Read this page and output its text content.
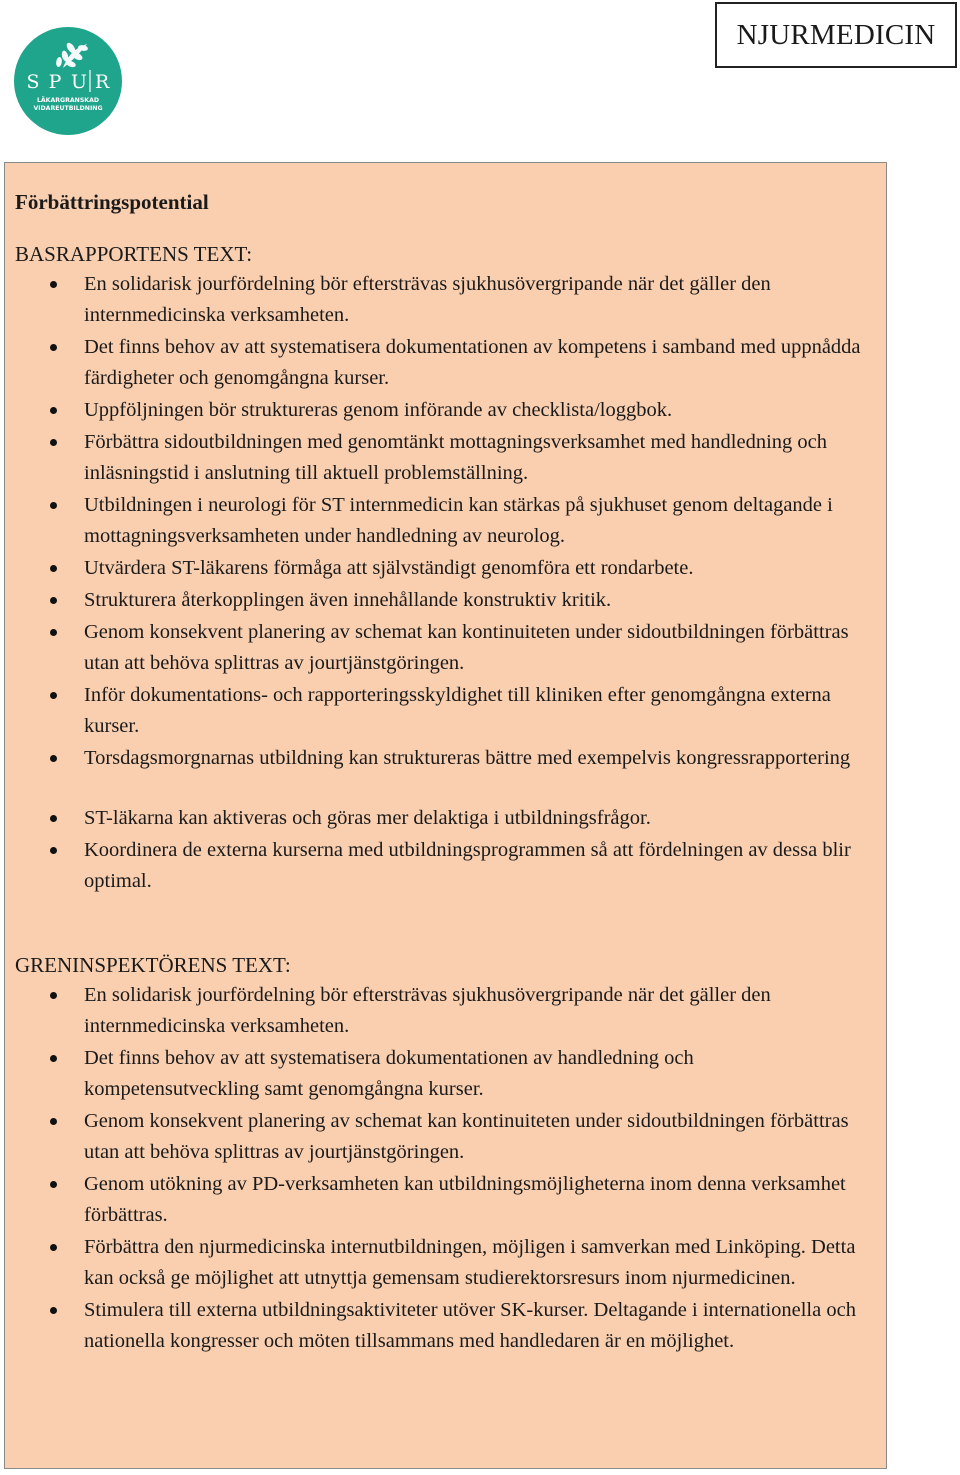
S P U R
LÄKARGRANSKAD
VIDAREUTBILDNING
NJURMEDICIN
Förbättringspotential
BASRAPPORTENS TEXT:
En solidarisk jourfördelning bör eftersträvas sjukhusövergripande när det gäller den internmedicinska verksamheten.
Det finns behov av att systematisera dokumentationen av kompetens i samband med uppnådda färdigheter och genomgångna kurser.
Uppföljningen bör struktureras genom införande av checklista/loggbok.
Förbättra sidoutbildningen med genomtänkt mottagningsverksamhet med handledning och inläsningstid i anslutning till aktuell problemställning.
Utbildningen i neurologi för ST internmedicin kan stärkas på sjukhuset genom deltagande i mottagningsverksamheten under handledning av neurolog.
Utvärdera ST-läkarens förmåga att självständigt genomföra ett rondarbete.
Strukturera återkopplingen även innehållande konstruktiv kritik.
Genom konsekvent planering av schemat kan kontinuiteten under sidoutbildningen förbättras utan att behöva splittras av jourtjänstgöringen.
Inför dokumentations- och rapporteringsskyldighet till kliniken efter genomgångna externa kurser.
Torsdagsmorgnarnas utbildning kan struktureras bättre med exempelvis kongressrapportering
ST-läkarna kan aktiveras och göras mer delaktiga i utbildningsfrågor.
Koordinera de externa kurserna med utbildningsprogrammen så att fördelningen av dessa blir optimal.
GRENINSPEKTÖRENS TEXT:
En solidarisk jourfördelning bör eftersträvas sjukhusövergripande när det gäller den internmedicinska verksamheten.
Det finns behov av att systematisera dokumentationen av handledning och kompetensutveckling samt genomgångna kurser.
Genom konsekvent planering av schemat kan kontinuiteten under sidoutbildningen förbättras utan att behöva splittras av jourtjänstgöringen.
Genom utökning av PD-verksamheten kan utbildningsmöjligheterna inom denna verksamhet förbättras.
Förbättra den njurmedicinska internutbildningen, möjligen i samverkan med Linköping. Detta kan också ge möjlighet att utnyttja gemensam studierektorsresurs inom njurmedicinen.
Stimulera till externa utbildningsaktiviteter utöver SK-kurser. Deltagande i internationella och nationella kongresser och möten tillsammans med handledaren är en möjlighet.
